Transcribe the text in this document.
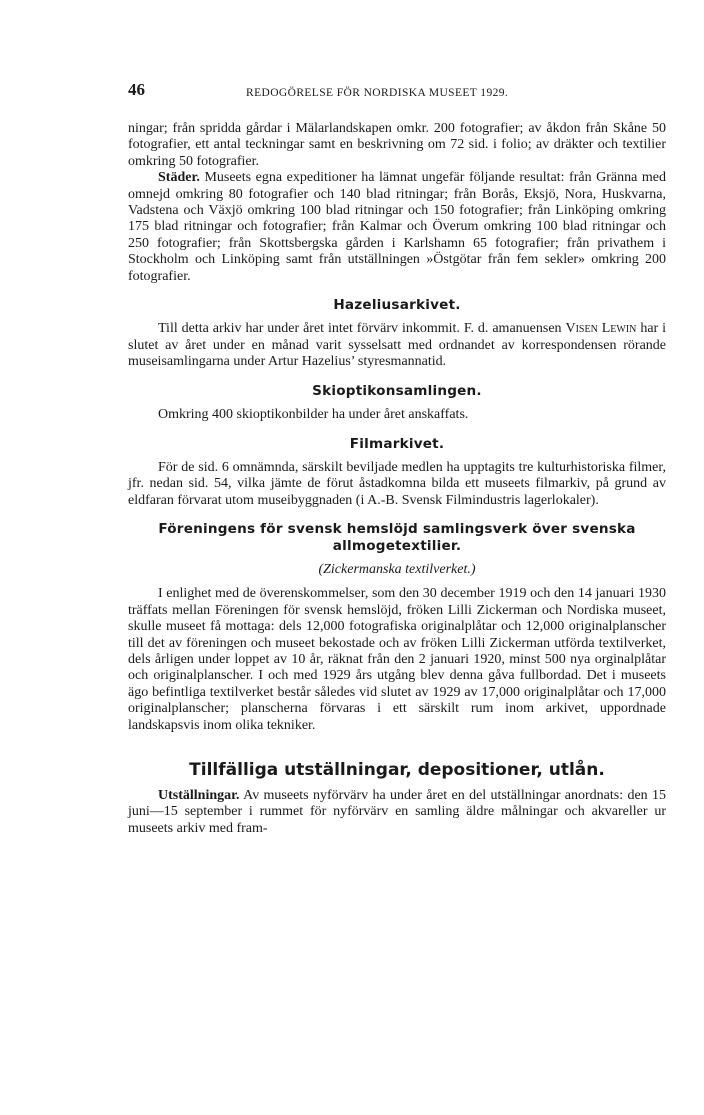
46	REDOGÖRELSE FÖR NORDISKA MUSEET 1929.

ningar; från spridda gårdar i Mälarlandskapen omkr. 200 fotografier; av åkdon från Skåne 50 fotografier, ett antal teckningar samt en beskrivning om 72 sid. i folio; av dräkter och textilier omkring 50 fotografier.

Städer. Museets egna expeditioner ha lämnat ungefär följande resultat: från Gränna med omnejd omkring 80 fotografier och 140 blad ritningar; från Borås, Eksjö, Nora, Huskvarna, Vadstena och Växjö omkring 100 blad ritningar och 150 fotografier; från Linköping omkring 175 blad ritningar och fotografier; från Kalmar och Överum omkring 100 blad ritningar och 250 fotografier; från Skottsbergska gården i Karlshamn 65 fotografier; från privathem i Stockholm och Linköping samt från utställningen »Östgötar från fem sekler» omkring 200 fotografier.

Hazeliusarkivet.

Till detta arkiv har under året intet förvärv inkommit. F. d. amanuensen Visen Lewin har i slutet av året under en månad varit sysselsatt med ordnandet av korrespondensen rörande museisamlingarna under Artur Hazelius’ styresmannatid.

Skioptikonsamlingen.

Omkring 400 skioptikonbilder ha under året anskaffats.

Filmarkivet.

För de sid. 6 omnämnda, särskilt beviljade medlen ha upptagits tre kulturhistoriska filmer, jfr. nedan sid. 54, vilka jämte de förut åstadkomna bilda ett museets filmarkiv, på grund av eldfaran förvarat utom museibyggnaden (i A.-B. Svensk Filmindustris lagerlokaler).

Föreningens för svensk hemslöjd samlingsverk över svenska
allmogetextilier.
(Zickermanska textilverket.)

I enlighet med de överenskommelser, som den 30 december 1919 och den 14 januari 1930 träffats mellan Föreningen för svensk hemslöjd, fröken Lilli Zickerman och Nordiska museet, skulle museet få mottaga: dels 12,000 fotografiska originalplåtar och 12,000 originalplanscher till det av föreningen och museet bekostade och av fröken Lilli Zickerman utförda textilverket, dels årligen under loppet av 10 år, räknat från den 2 januari 1920, minst 500 nya orginalplåtar och originalplanscher. I och med 1929 års utgång blev denna gåva fullbordad. Det i museets ägo befintliga textilverket består således vid slutet av 1929 av 17,000 originalplåtar och 17,000 originalplanscher; planscherna förvaras i ett särskilt rum inom arkivet, uppordnade landskapsvis inom olika tekniker.

Tillfälliga utställningar, depositioner, utlån.

Utställningar. Av museets nyförvärv ha under året en del utställningar anordnats: den 15 juni—15 september i rummet för nyförvärv en samling äldre målningar och akvareller ur museets arkiv med fram-
